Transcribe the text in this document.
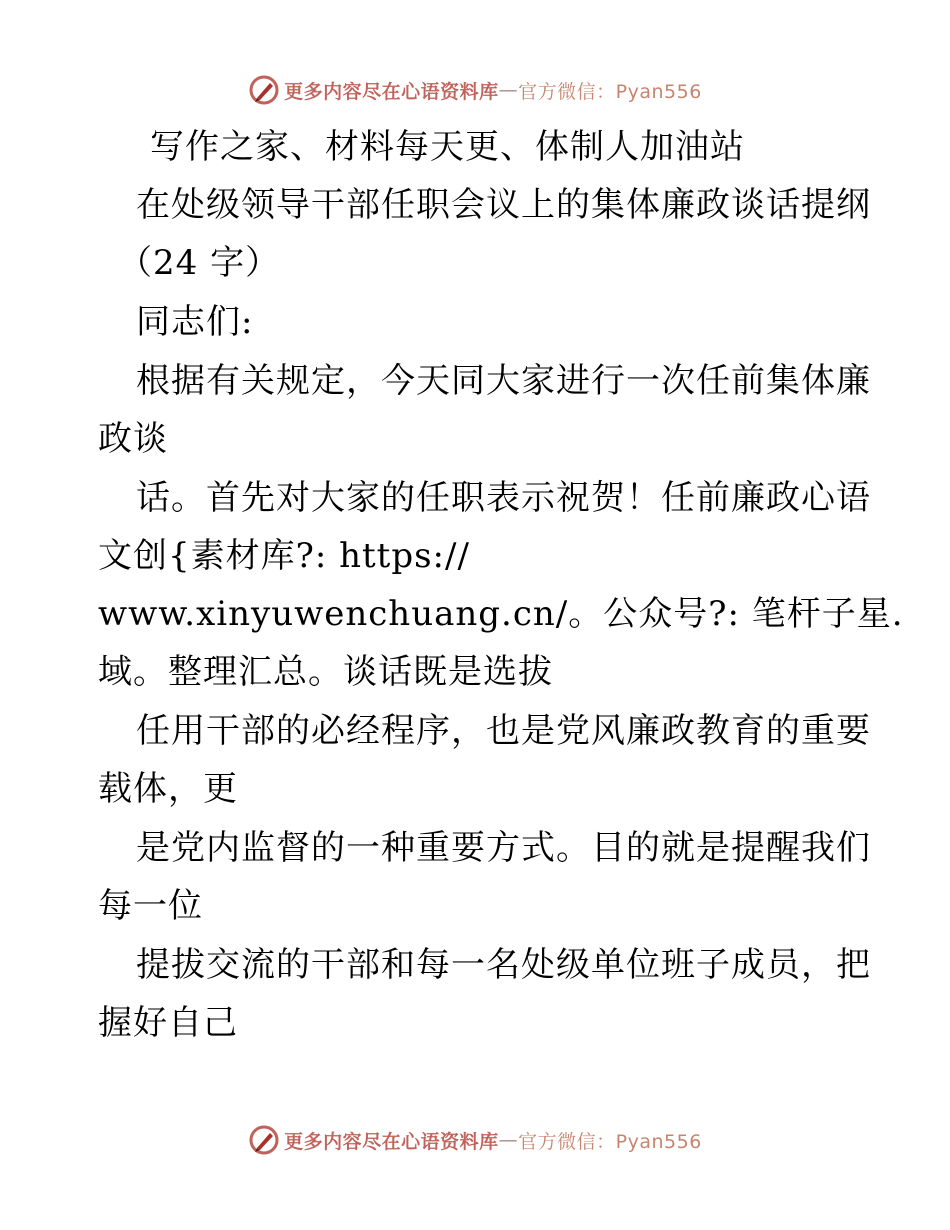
更多内容尽在心语资料库 — 官方微信：Pyan556
写作之家、材料每天更、体制人加油站
在处级领导干部任职会议上的集体廉政谈话提纲
（24 字）
同志们:
根据有关规定，今天同大家进行一次任前集体廉
政谈
话。首先对大家的任职表示祝贺！任前廉政心语
文创{素材库?: https://
www.xinyuwenchuang.cn/。公众号?: 笔杆子星.
域。整理汇总。谈话既是选拔
任用干部的必经程序，也是党风廉政教育的重要
载体，更
是党内监督的一种重要方式。目的就是提醒我们
每一位
提拔交流的干部和每一名处级单位班子成员，把
握好自己
更多内容尽在心语资料库 — 官方微信：Pyan556
